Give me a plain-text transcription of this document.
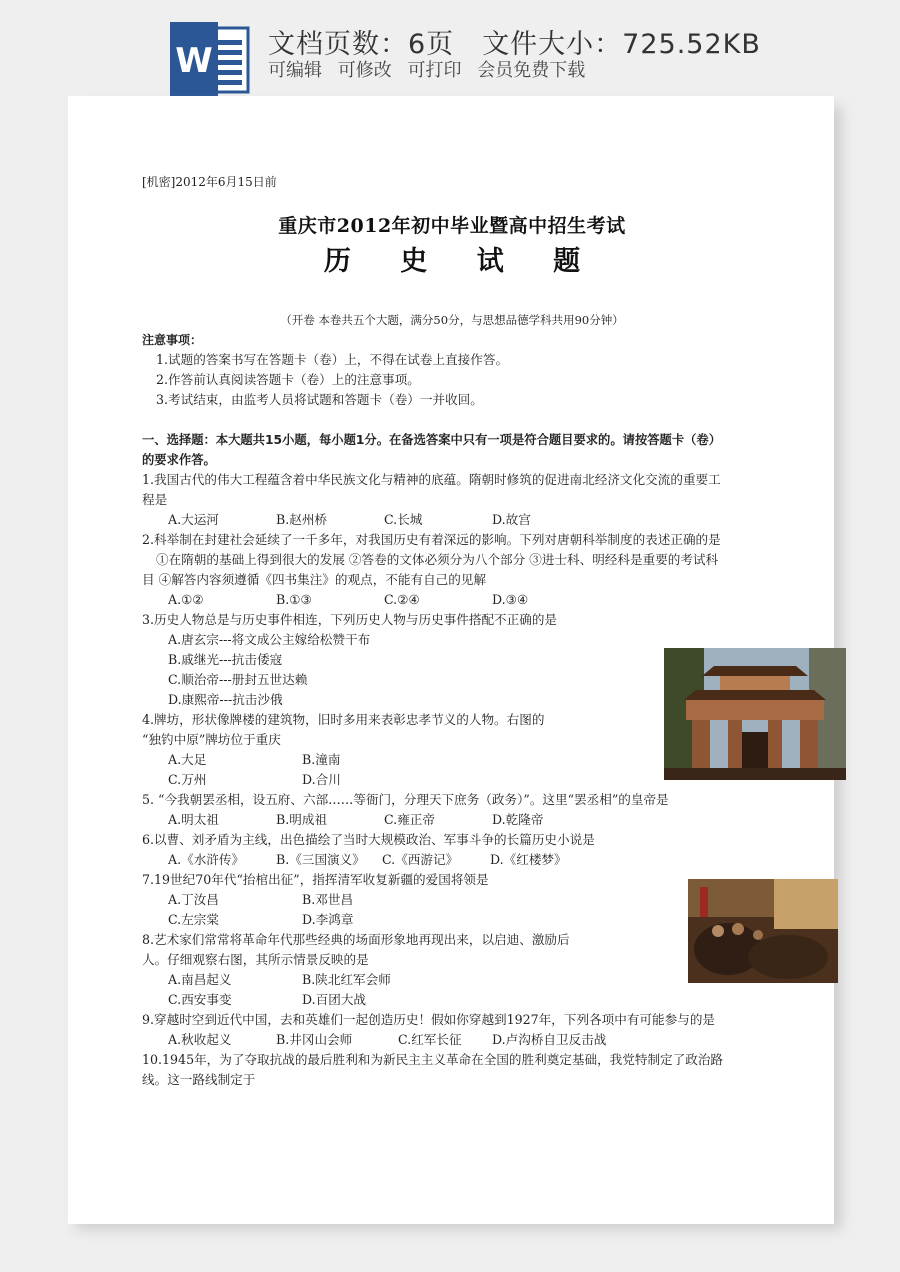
W 文档页数：6页 文件大小：725.52KB
可编辑 可修改 可打印 会员免费下载
[机密]2012年6月15日前
重庆市2012年初中毕业暨高中招生考试
历 史 试 题
（开卷 本卷共五个大题，满分50分，与思想品德学科共用90分钟）
注意事项：
1.试题的答案书写在答题卡（卷）上，不得在试卷上直接作答。
2.作答前认真阅读答题卡（卷）上的注意事项。
3.考试结束，由监考人员将试题和答题卡（卷）一并收回。
一、选择题：本大题共15小题，每小题1分。在备选答案中只有一项是符合题目要求的。请按答题卡（卷）
的要求作答。
1.我国古代的伟大工程蕴含着中华民族文化与精神的底蕴。隋朝时修筑的促进南北经济文化交流的重要工
程是
A.大运河	B.赵州桥	C.长城	D.故宫
2.科举制在封建社会延续了一千多年，对我国历史有着深远的影响。下列对唐朝科举制度的表述正确的是
①在隋朝的基础上得到很大的发展 ②答卷的文体必须分为八个部分 ③进士科、明经科是重要的考试科
目 ④解答内容须遵循《四书集注》的观点，不能有自己的见解
A.①②	B.①③	C.②④	D.③④
3.历史人物总是与历史事件相连，下列历史人物与历史事件搭配不正确的是
A.唐玄宗---将文成公主嫁给松赞干布
B.戚继光---抗击倭寇
C.顺治帝---册封五世达赖
D.康熙帝---抗击沙俄
4.牌坊，形状像牌楼的建筑物，旧时多用来表彰忠孝节义的人物。右图的
“独钓中原”牌坊位于重庆
A.大足	B.潼南
C.万州	D.合川
5. “今我朝罢丞相，设五府、六部……等衙门，分理天下庶务（政务）”。这里“罢丞相”的皇帝是
A.明太祖	B.明成祖	C.雍正帝	D.乾隆帝
6.以曹、刘矛盾为主线，出色描绘了当时大规模政治、军事斗争的长篇历史小说是
A.《水浒传》	B.《三国演义》 C.《西游记》	D.《红楼梦》
7.19世纪70年代“抬棺出征”，指挥清军收复新疆的爱国将领是
A.丁汝昌	B.邓世昌
C.左宗棠	D.李鸿章
8.艺术家们常常将革命年代那些经典的场面形象地再现出来，以启迪、激励后
人。仔细观察右图，其所示情景反映的是
A.南昌起义	B.陕北红军会师
C.西安事变	D.百团大战
9.穿越时空到近代中国，去和英雄们一起创造历史！假如你穿越到1927年，下列各项中有可能参与的是
A.秋收起义	B.井冈山会师	C.红军长征 D.卢沟桥自卫反击战
10.1945年，为了夺取抗战的最后胜利和为新民主主义革命在全国的胜利奠定基础，我党特制定了政治路
线。这一路线制定于
